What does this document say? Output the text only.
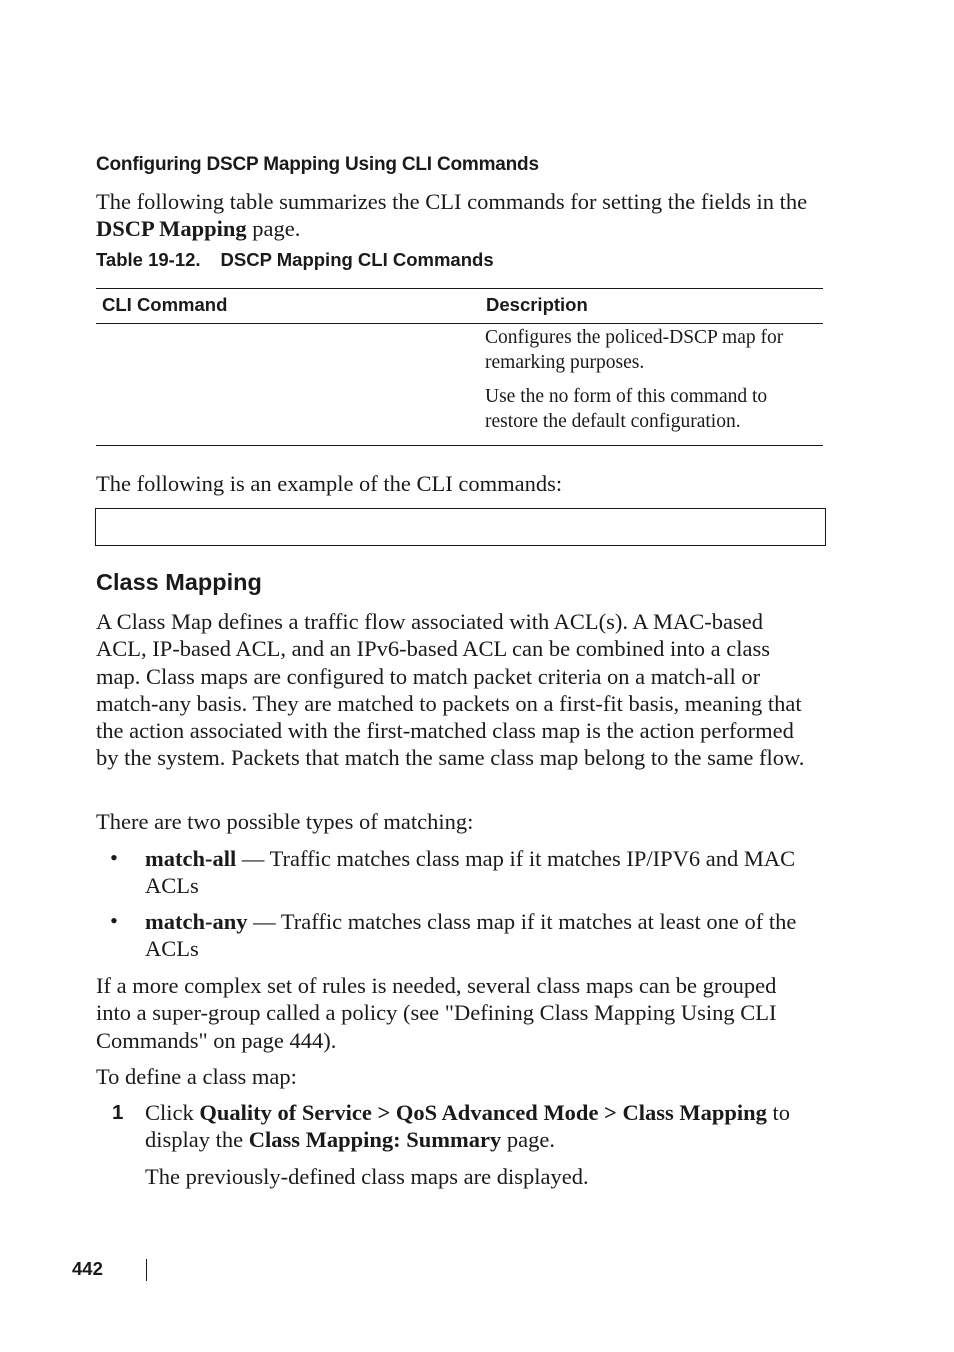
Configuring DSCP Mapping Using CLI Commands
The following table summarizes the CLI commands for setting the fields in the DSCP Mapping page.
Table 19-12. DSCP Mapping CLI Commands
CLI Command	Description
Configures the policed-DSCP map for remarking purposes.
Use the no form of this command to restore the default configuration.
The following is an example of the CLI commands:
Class Mapping
A Class Map defines a traffic flow associated with ACL(s). A MAC-based ACL, IP-based ACL, and an IPv6-based ACL can be combined into a class map. Class maps are configured to match packet criteria on a match-all or match-any basis. They are matched to packets on a first-fit basis, meaning that the action associated with the first-matched class map is the action performed by the system. Packets that match the same class map belong to the same flow.
There are two possible types of matching:
• match-all — Traffic matches class map if it matches IP/IPV6 and MAC ACLs
• match-any — Traffic matches class map if it matches at least one of the ACLs
If a more complex set of rules is needed, several class maps can be grouped into a super-group called a policy (see "Defining Class Mapping Using CLI Commands" on page 444).
To define a class map:
1 Click Quality of Service > QoS Advanced Mode > Class Mapping to display the Class Mapping: Summary page.
The previously-defined class maps are displayed.
442
